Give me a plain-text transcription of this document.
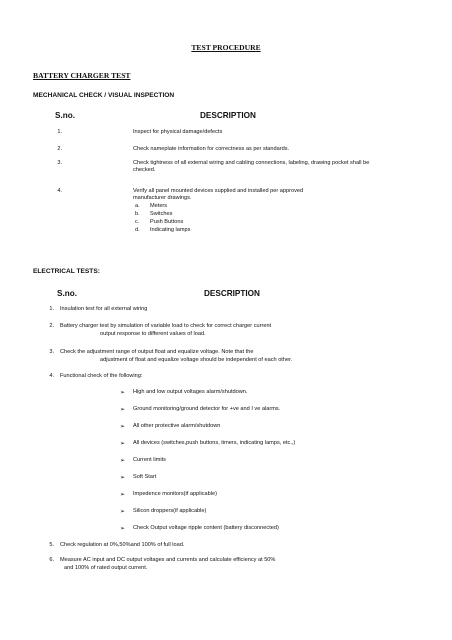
TEST PROCEDURE
BATTERY CHARGER TEST
MECHANICAL CHECK / VISUAL INSPECTION
S.no.	DESCRIPTION
1.	Inspect for physical damage/defects
2.	Check nameplate information for correctness as per standards.
3.	Check tightness of all external wiring and cabling connections, labeling, drawing pocket shall be checked.
4.	Verify all panel mounted devices supplied and installed per approved manufacturer drawings.
a. Meters
b. Switches
c. Push Buttons
d. Indicating lamps
ELECTRICAL TESTS:
S.no.	DESCRIPTION
1. Insulation test for all external wiring
2. Battery charger test by simulation of variable load to check for correct charger current
output response to different values of load.
3. Check the adjustment range of output float and equalize voltage. Note that the
adjustment of float and equalize voltage should be independent of each other.
4. Functional check of the following:
➢ High and low output voltages alarm/shutdown.
➢ Ground monitoring/ground detector for +ve and I ve alarms.
➢ All other protective alarm/shutdown
➢ All devices (switches,push buttons, timers, indicating lamps, etc.,)
➢ Current limits
➢ Soft Start
➢ Impedence monitors(if applicable)
➢ Silicon droppers(if applicable)
➢ Check Output voltage ripple content (battery disconnected)
5. Check regulation at 0%,50%and 100% of full load.
6. Measure AC input and DC output voltages and currents and calculate efficiency at 50%
and 100% of rated output current.
